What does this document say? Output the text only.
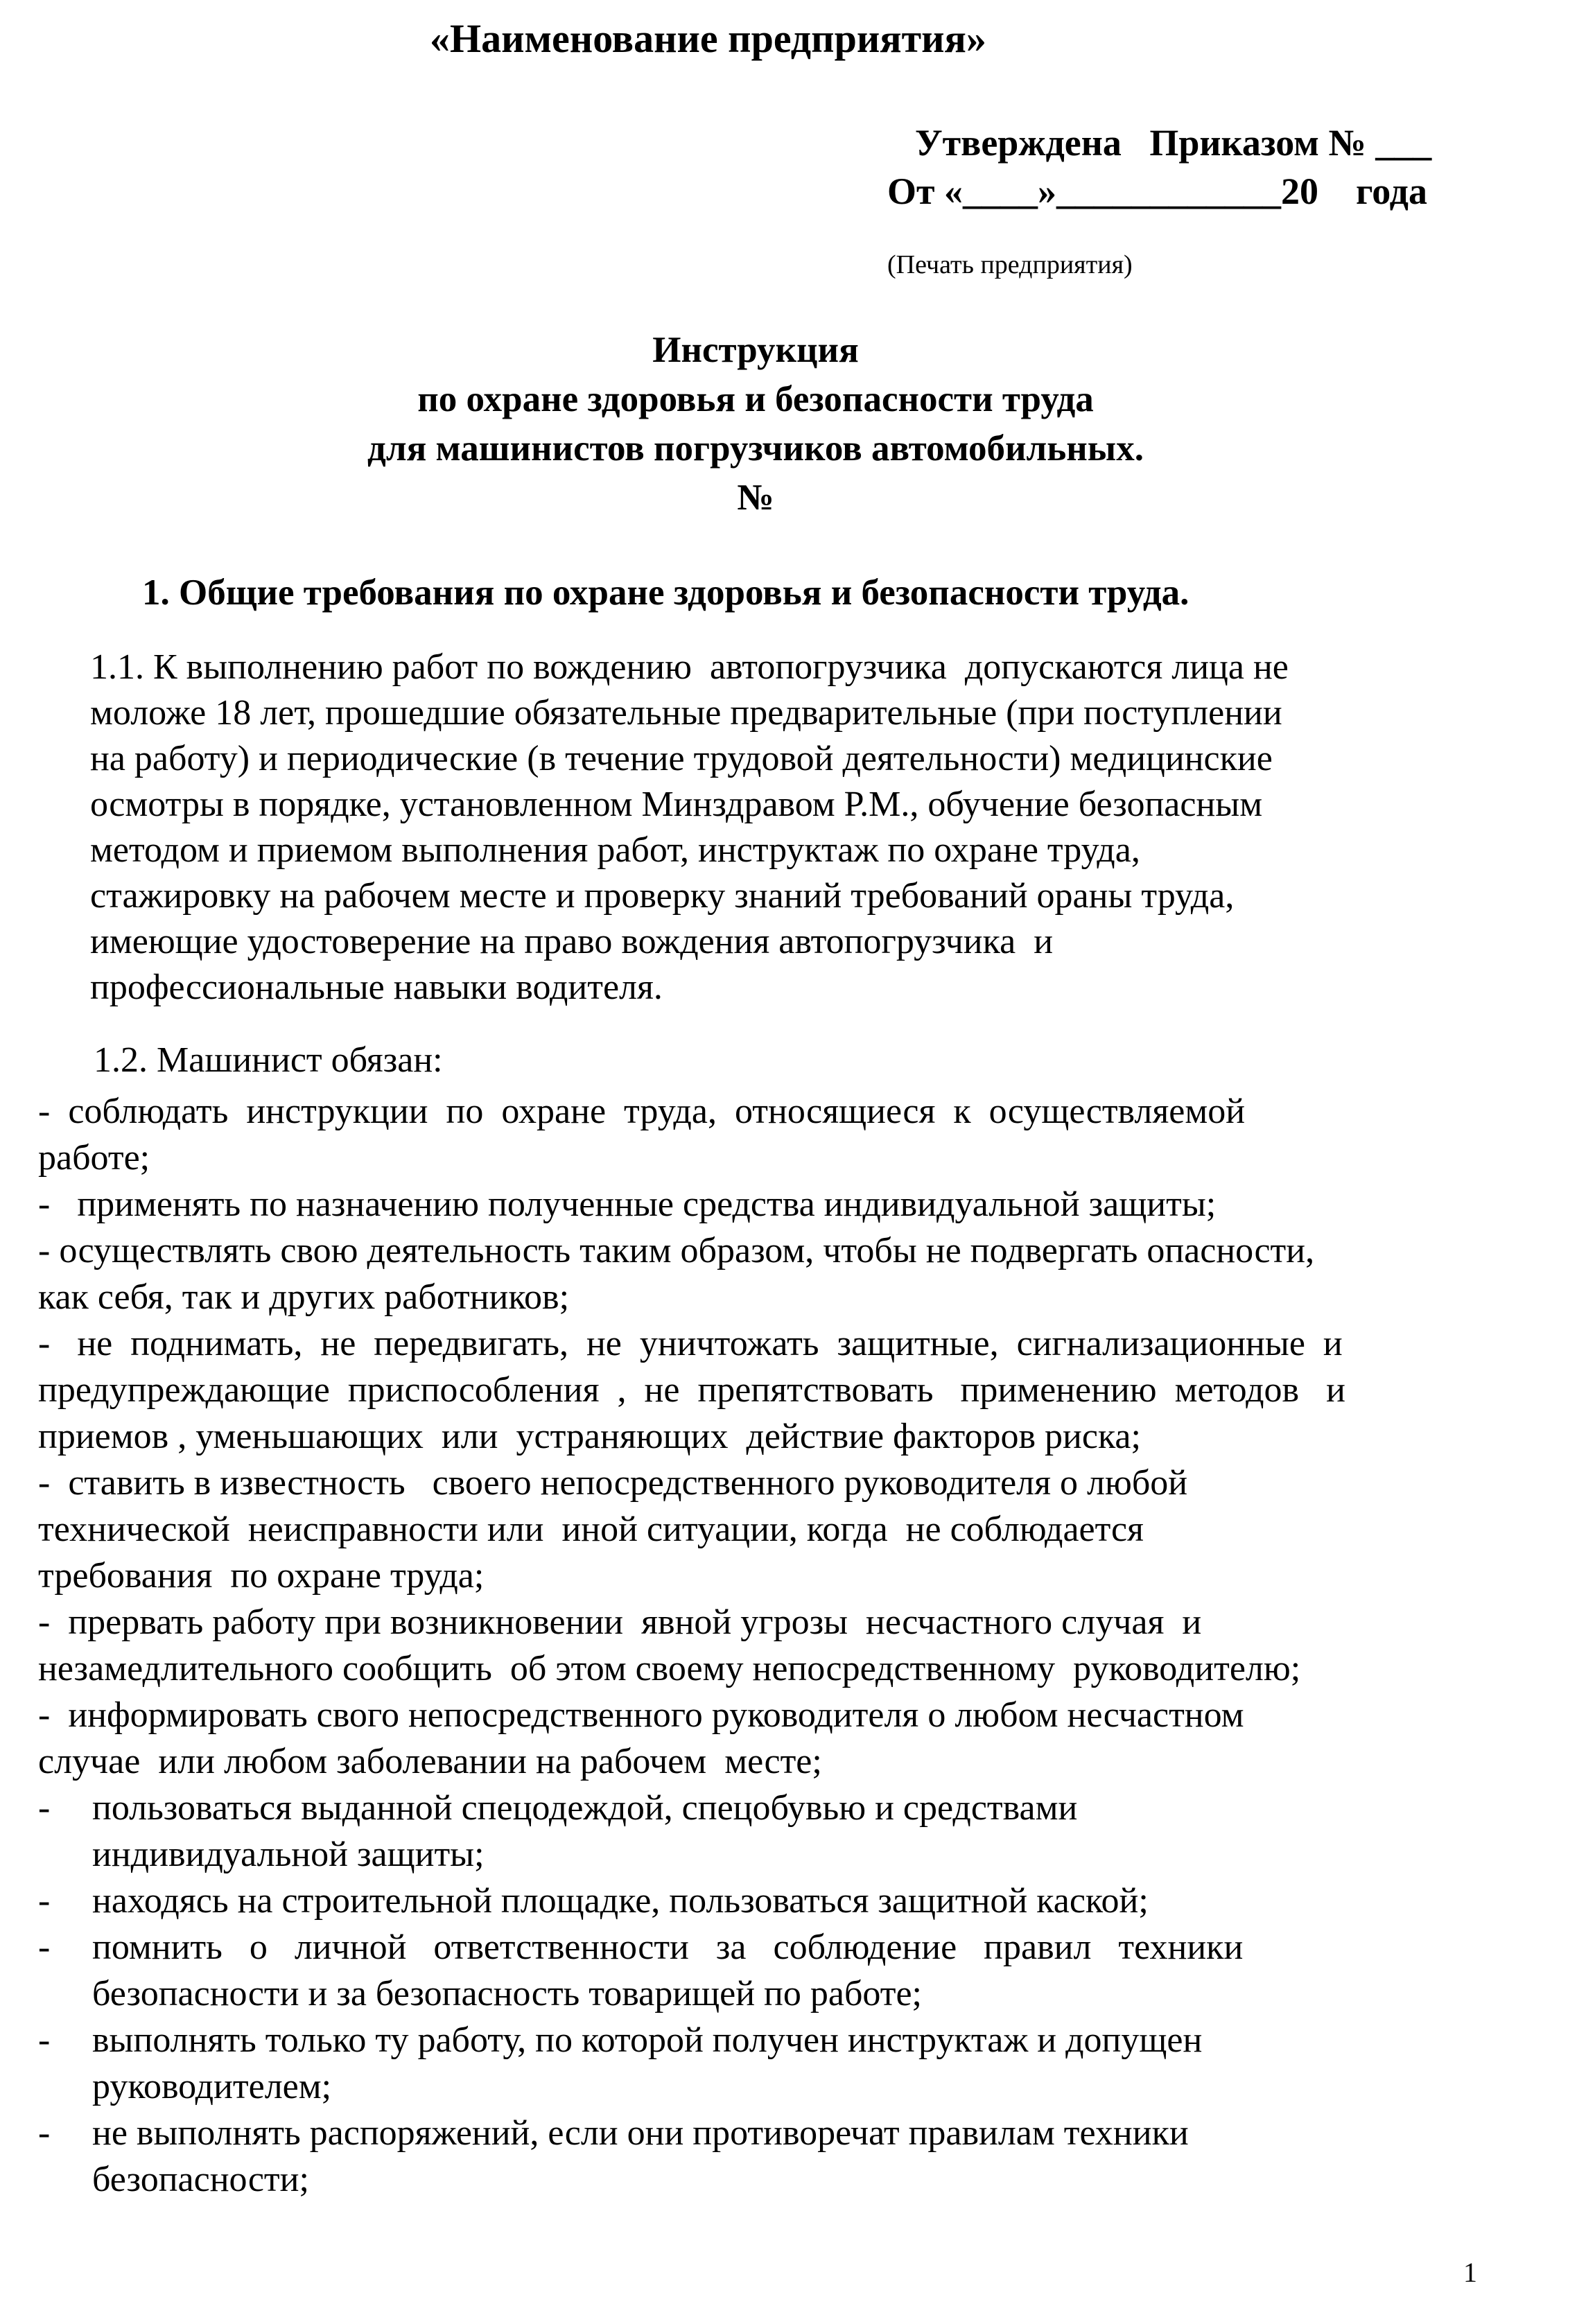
«Наименование предприятия»
Утверждена   Приказом № ___
От «____»____________20    года
(Печать предприятия)
Инструкция
по охране здоровья и безопасности труда
для машинистов погрузчиков автомобильных.
№
1. Общие требования по охране здоровья и безопасности труда.
1.1. К выполнению работ по вождению  автопогрузчика  допускаются лица не
моложе 18 лет, прошедшие обязательные предварительные (при поступлении
на работу) и периодические (в течение трудовой деятельности) медицинские
осмотры в порядке, установленном Минздравом Р.М., обучение безопасным
методом и приемом выполнения работ, инструктаж по охране труда,
стажировку на рабочем месте и проверку знаний требований ораны труда,
имеющие удостоверение на право вождения автопогрузчика  и
профессиональные навыки водителя.
1.2. Машинист обязан:
-  соблюдать  инструкции  по  охране  труда,  относящиеся  к  осуществляемой
работе;
-   применять по назначению полученные средства индивидуальной защиты;
- осуществлять свою деятельность таким образом, чтобы не подвергать опасности,
как себя, так и других работников;
-   не  поднимать,  не  передвигать,  не  уничтожать  защитные,  сигнализационные  и
предупреждающие  приспособления  ,  не  препятствовать   применению  методов   и
приемов , уменьшающих  или  устраняющих  действие факторов риска;
-  ставить в известность   своего непосредственного руководителя о любой
технической  неисправности или  иной ситуации, когда  не соблюдается
требования  по охране труда;
-  прервать работу при возникновении  явной угрозы  несчастного случая  и
незамедлительного сообщить  об этом своему непосредственному  руководителю;
-  информировать свого непосредственного руководителя о любом несчастном
случае  или любом заболевании на рабочем  месте;
- пользоваться выданной спецодеждой, спецобувью и средствами
индивидуальной защиты;
- находясь на строительной площадке, пользоваться защитной каской;
- помнить   о   личной   ответственности   за   соблюдение   правил   техники
безопасности и за безопасность товарищей по работе;
- выполнять только ту работу, по которой получен инструктаж и допущен
руководителем;
- не выполнять распоряжений, если они противоречат правилам техники
безопасности;
1
